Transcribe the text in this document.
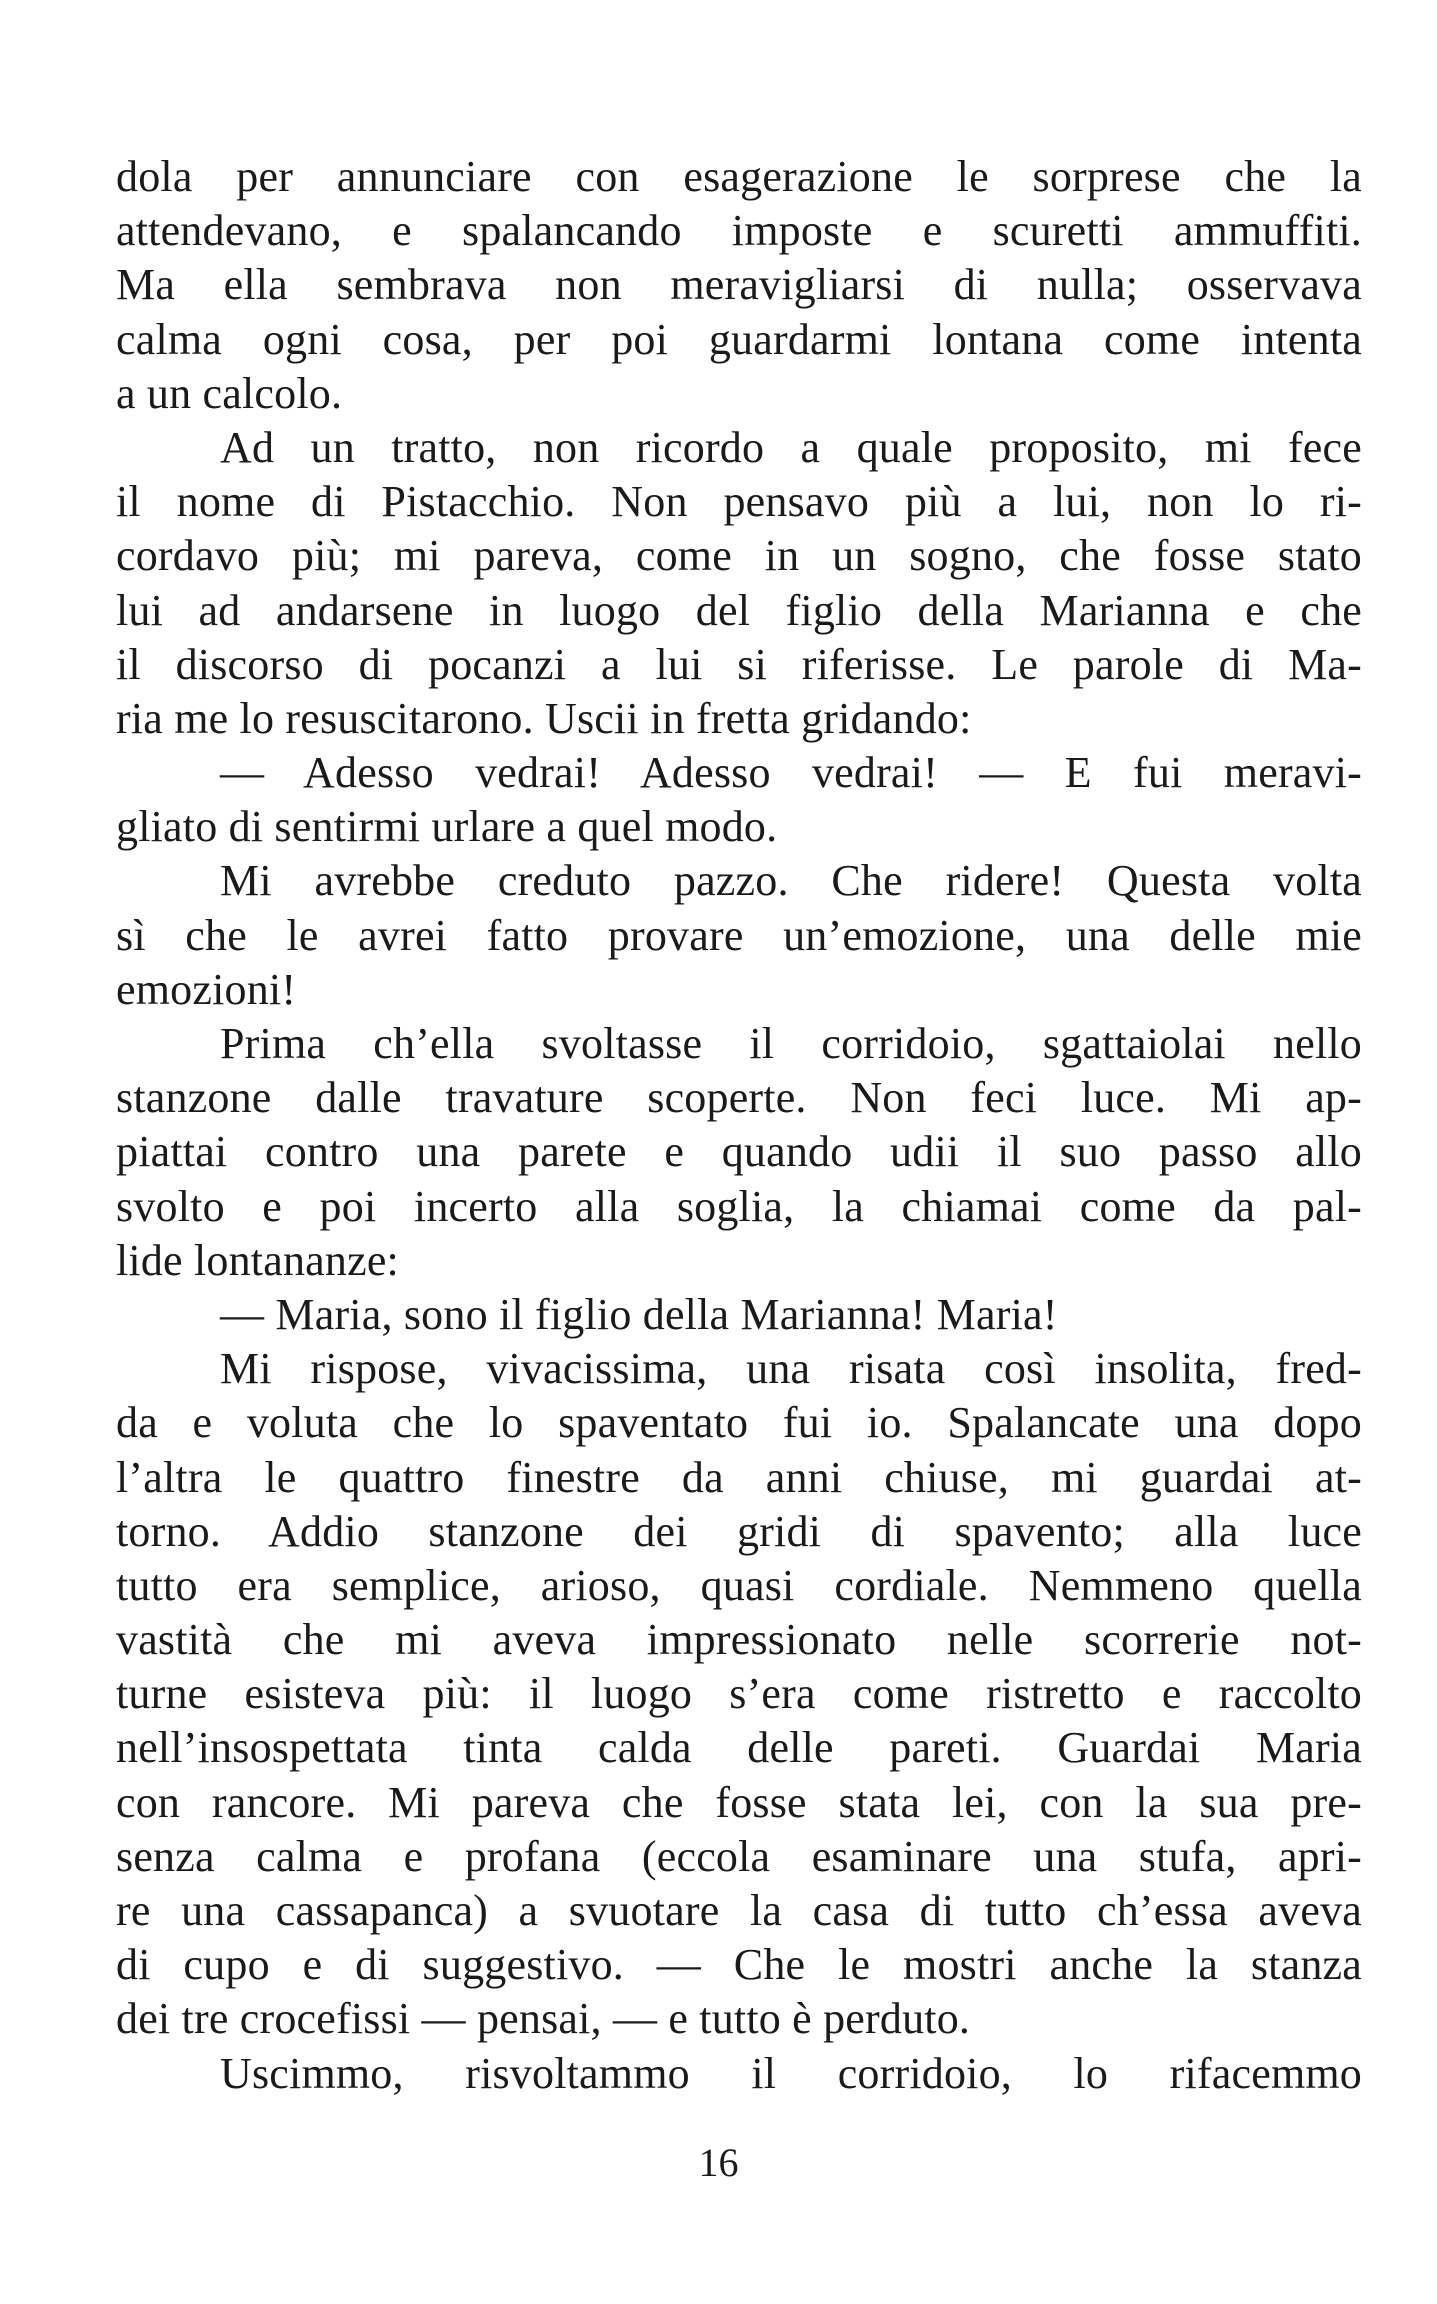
dola per annunciare con esagerazione le sorprese che la
attendevano, e spalancando imposte e scuretti ammuffiti.
Ma ella sembrava non meravigliarsi di nulla; osservava
calma ogni cosa, per poi guardarmi lontana come intenta
a un calcolo.
Ad un tratto, non ricordo a quale proposito, mi fece
il nome di Pistacchio. Non pensavo più a lui, non lo ri-
cordavo più; mi pareva, come in un sogno, che fosse stato
lui ad andarsene in luogo del figlio della Marianna e che
il discorso di pocanzi a lui si riferisse. Le parole di Ma-
ria me lo resuscitarono. Uscii in fretta gridando:
— Adesso vedrai! Adesso vedrai! — E fui meravi-
gliato di sentirmi urlare a quel modo.
Mi avrebbe creduto pazzo. Che ridere! Questa volta
sì che le avrei fatto provare un’emozione, una delle mie
emozioni!
Prima ch’ella svoltasse il corridoio, sgattaiolai nello
stanzone dalle travature scoperte. Non feci luce. Mi ap-
piattai contro una parete e quando udii il suo passo allo
svolto e poi incerto alla soglia, la chiamai come da pal-
lide lontananze:
— Maria, sono il figlio della Marianna! Maria!
Mi rispose, vivacissima, una risata così insolita, fred-
da e voluta che lo spaventato fui io. Spalancate una dopo
l’altra le quattro finestre da anni chiuse, mi guardai at-
torno. Addio stanzone dei gridi di spavento; alla luce
tutto era semplice, arioso, quasi cordiale. Nemmeno quella
vastità che mi aveva impressionato nelle scorrerie not-
turne esisteva più: il luogo s’era come ristretto e raccolto
nell’insospettata tinta calda delle pareti. Guardai Maria
con rancore. Mi pareva che fosse stata lei, con la sua pre-
senza calma e profana (eccola esaminare una stufa, apri-
re una cassapanca) a svuotare la casa di tutto ch’essa aveva
di cupo e di suggestivo. — Che le mostri anche la stanza
dei tre crocefissi — pensai, — e tutto è perduto.
Uscimmo, risvoltammo il corridoio, lo rifacemmo
16
